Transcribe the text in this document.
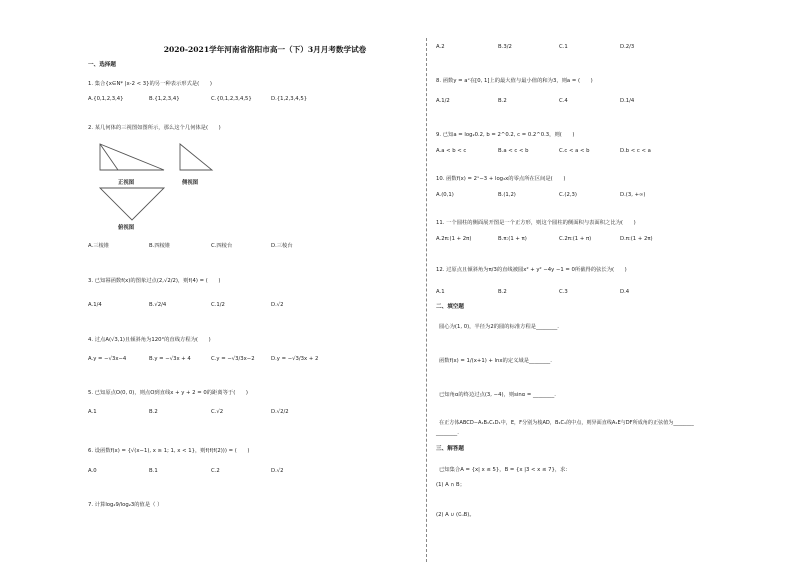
2020-2021学年河南省洛阳市高一（下）3月月考数学试卷
一、选择题
1. 集合{x∈N* |x-2 < 3}的另一种表示形式是(　　)
A.{0,1,2,3,4}	B.{1,2,3,4}	C.{0,1,2,3,4,5}	D.{1,2,3,4,5}
2. 某几何体的三视图如图所示，那么这个几何体是(　　)
正视图	侧视图
俯视图
A.三棱锥	B.四棱锥	C.四棱台	D.三棱台
3. 已知幂函数f(x)的图象过点(2,√2/2)，则f(4) = (　　)
A.1/4	B.√2/4	C.1/2	D.√2
4. 过点A(√3,1)且倾斜角为120°的直线方程为(　　)
A.y = −√3x−4	B.y = −√3x + 4	C.y = −√3/3x−2	D.y = −√3/3x + 2
5. 已知原点O(0, 0)，则点O到直线x + y + 2 = 0的距离等于(　　)
A.1	B.2	C.√2	D.√2/2
6. 设函数f(x) = {√(x−1), x ≥ 1; 1, x < 1}，则f(f(f(2))) = (　　)
A.0	B.1	C.2	D.√2
7. 计算log₂9/log₂3的值是（ ）
A.2	B.3/2	C.1	D.2/3
8. 函数y = aˣ在[0, 1]上的最大值与最小值的和为3，则a = (　　)
A.1/2	B.2	C.4	D.1/4
9. 已知a = log₂0.2, b = 2^0.2, c = 0.2^0.3，则(　　)
A.a < b < c	B.a < c < b	C.c < a < b	D.b < c < a
10. 函数f(x) = 2ˣ−3 + log₃x的零点所在区间是(　　)
A.(0,1)	B.(1,2)	C.(2,3)	D.(3, +∞)
11. 一个圆柱的侧面展开图是一个正方形，则这个圆柱的侧面积与表面积之比为(　　)
A.2π:(1 + 2π)	B.π:(1 + π)	C.2π:(1 + π)	D.π:(1 + 2π)
12. 过原点且倾斜角为π/3的直线被圆x² + y² −4y −1 = 0所截得的弦长为(　　)
A.1	B.2	C.3	D.4
二、填空题
圆心为(1, 0)，半径为2的圆的标准方程是________.
函数f(x) = 1/(x+1) + lnx的定义域是________.
已知角α的终边过点(3, −4)，则sinα = ________.
在正方体ABCD−A₁B₁C₁D₁中，E，F分别为棱AD，B₁C₁的中点，则异面直线A₁E与DF所成角的正弦值为________
________.
三、解答题
已知集合A = {x| x ≤ 5}，B = {x |3 < x ≤ 7}，求：
(1) A ∩ B；
(2) A ∪ (∁ᵤB)。
